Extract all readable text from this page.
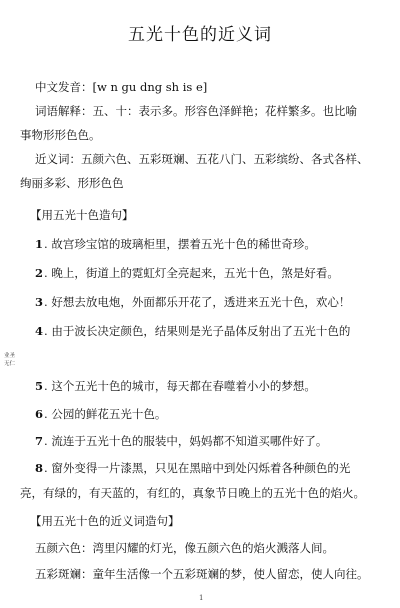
五光十色的近义词
中文发音：[w n gu dng sh is e]
词语解释：五、十：表示多。形容色泽鲜艳；花样繁多。也比喻
事物形形色色。
近义词：五颜六色、五彩斑斓、五花八门、五彩缤纷、各式各样、
绚丽多彩、形形色色
【用五光十色造句】
1. 故宫珍宝馆的玻璃柜里，摆着五光十色的稀世奇珍。
2. 晚上，街道上的霓虹灯全亮起来，五光十色，煞是好看。
3. 好想去放电炮，外面都乐开花了，透进来五光十色，欢心！
4. 由于波长决定颜色，结果则是光子晶体反射出了五光十色的
业圣
无仁
5. 这个五光十色的城市，每天都在春噬着小小的梦想。
6. 公园的鲜花五光十色。
7. 流连于五光十色的服装中，妈妈都不知道买哪件好了。
8. 窗外变得一片漆黑，只见在黑暗中到处闪烁着各种颜色的光
亮，有绿的，有天蓝的，有红的，真象节日晚上的五光十色的焰火。
【用五光十色的近义词造句】
五颜六色：湾里闪耀的灯光，像五颜六色的焰火溅落人间。
五彩斑斓：童年生活像一个五彩斑斓的梦，使人留恋，使人向往。
1
